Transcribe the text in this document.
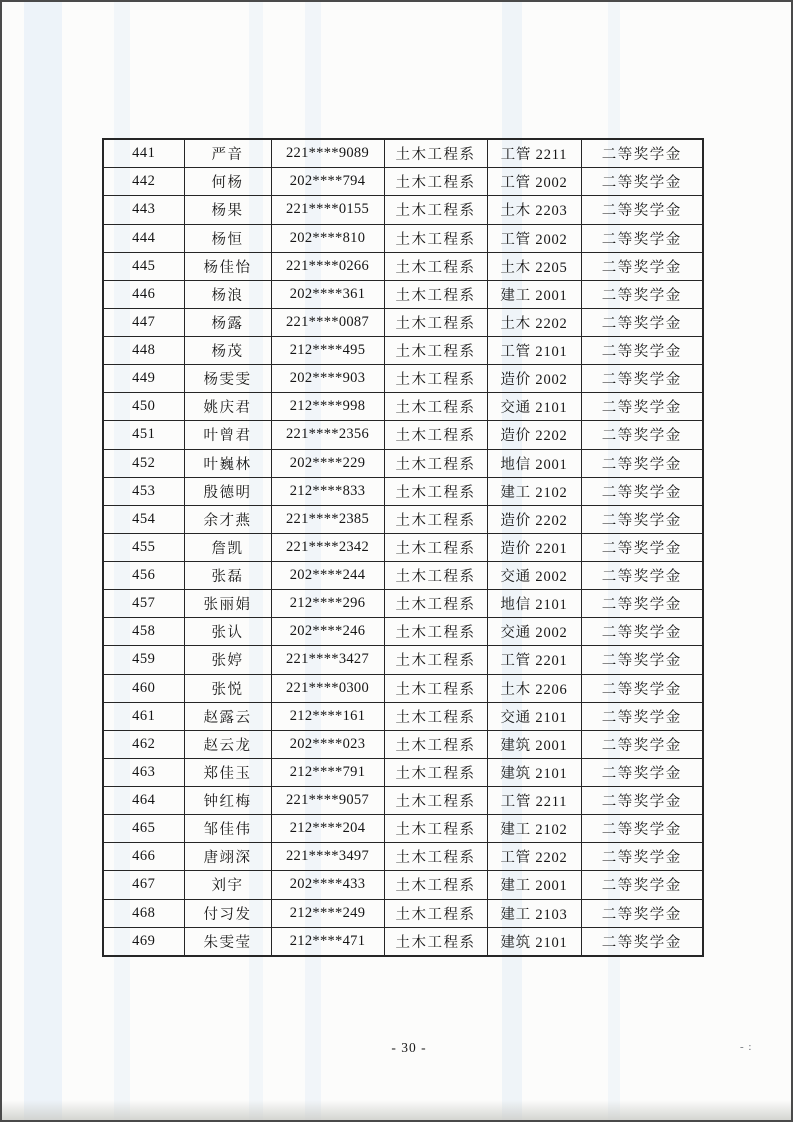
441	严音	221****9089	土木工程系	工管 2211	二等奖学金
442	何杨	202****794	土木工程系	工管 2002	二等奖学金
443	杨果	221****0155	土木工程系	土木 2203	二等奖学金
444	杨恒	202****810	土木工程系	工管 2002	二等奖学金
445	杨佳怡	221****0266	土木工程系	土木 2205	二等奖学金
446	杨浪	202****361	土木工程系	建工 2001	二等奖学金
447	杨露	221****0087	土木工程系	土木 2202	二等奖学金
448	杨茂	212****495	土木工程系	工管 2101	二等奖学金
449	杨雯雯	202****903	土木工程系	造价 2002	二等奖学金
450	姚庆君	212****998	土木工程系	交通 2101	二等奖学金
451	叶曾君	221****2356	土木工程系	造价 2202	二等奖学金
452	叶巍林	202****229	土木工程系	地信 2001	二等奖学金
453	殷德明	212****833	土木工程系	建工 2102	二等奖学金
454	余才燕	221****2385	土木工程系	造价 2202	二等奖学金
455	詹凯	221****2342	土木工程系	造价 2201	二等奖学金
456	张磊	202****244	土木工程系	交通 2002	二等奖学金
457	张丽娟	212****296	土木工程系	地信 2101	二等奖学金
458	张认	202****246	土木工程系	交通 2002	二等奖学金
459	张婷	221****3427	土木工程系	工管 2201	二等奖学金
460	张悦	221****0300	土木工程系	土木 2206	二等奖学金
461	赵露云	212****161	土木工程系	交通 2101	二等奖学金
462	赵云龙	202****023	土木工程系	建筑 2001	二等奖学金
463	郑佳玉	212****791	土木工程系	建筑 2101	二等奖学金
464	钟红梅	221****9057	土木工程系	工管 2211	二等奖学金
465	邹佳伟	212****204	土木工程系	建工 2102	二等奖学金
466	唐翊深	221****3497	土木工程系	工管 2202	二等奖学金
467	刘宇	202****433	土木工程系	建工 2001	二等奖学金
468	付习发	212****249	土木工程系	建工 2103	二等奖学金
469	朱雯莹	212****471	土木工程系	建筑 2101	二等奖学金
- 30 -	- :
